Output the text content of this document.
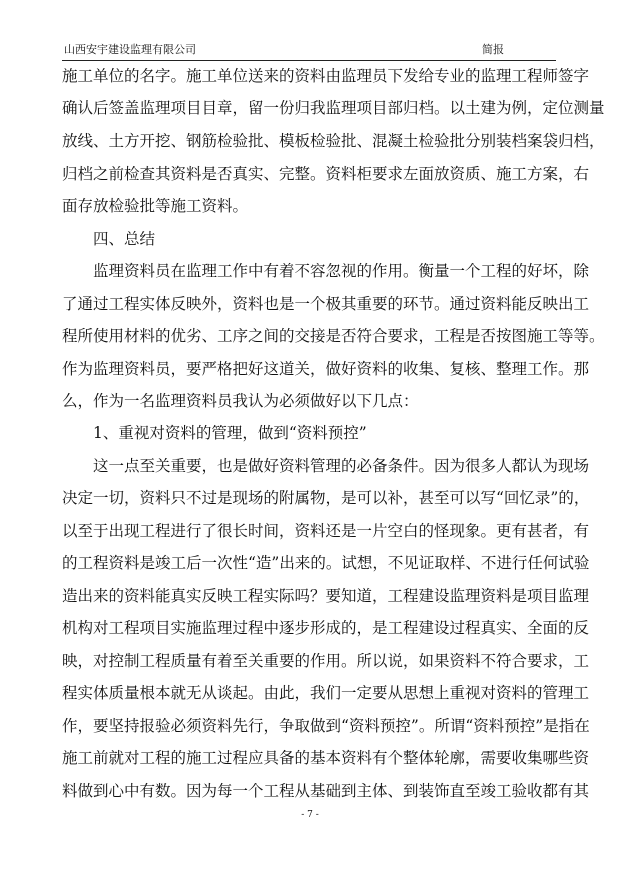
山西安宇建设监理有限公司	简报
施工单位的名字。施工单位送来的资料由监理员下发给专业的监理工程师签字
确认后签盖监理项目目章，留一份归我监理项目部归档。以土建为例，定位测量
放线、土方开挖、钢筋检验批、模板检验批、混凝土检验批分别装档案袋归档，
归档之前检查其资料是否真实、完整。资料柜要求左面放资质、施工方案，右
面存放检验批等施工资料。
四、总结
监理资料员在监理工作中有着不容忽视的作用。衡量一个工程的好坏，除
了通过工程实体反映外，资料也是一个极其重要的环节。通过资料能反映出工
程所使用材料的优劣、工序之间的交接是否符合要求，工程是否按图施工等等。
作为监理资料员，要严格把好这道关，做好资料的收集、复核、整理工作。那
么，作为一名监理资料员我认为必须做好以下几点：
1、重视对资料的管理，做到“资料预控”
这一点至关重要，也是做好资料管理的必备条件。因为很多人都认为现场
决定一切，资料只不过是现场的附属物，是可以补，甚至可以写“回忆录”的，
以至于出现工程进行了很长时间，资料还是一片空白的怪现象。更有甚者，有
的工程资料是竣工后一次性“造”出来的。试想，不见证取样、不进行任何试验
造出来的资料能真实反映工程实际吗？要知道，工程建设监理资料是项目监理
机构对工程项目实施监理过程中逐步形成的，是工程建设过程真实、全面的反
映，对控制工程质量有着至关重要的作用。所以说，如果资料不符合要求，工
程实体质量根本就无从谈起。由此，我们一定要从思想上重视对资料的管理工
作，要坚持报验必须资料先行，争取做到“资料预控”。所谓“资料预控”是指在
施工前就对工程的施工过程应具备的基本资料有个整体轮廓，需要收集哪些资
料做到心中有数。因为每一个工程从基础到主体、到装饰直至竣工验收都有其
- 7 -
